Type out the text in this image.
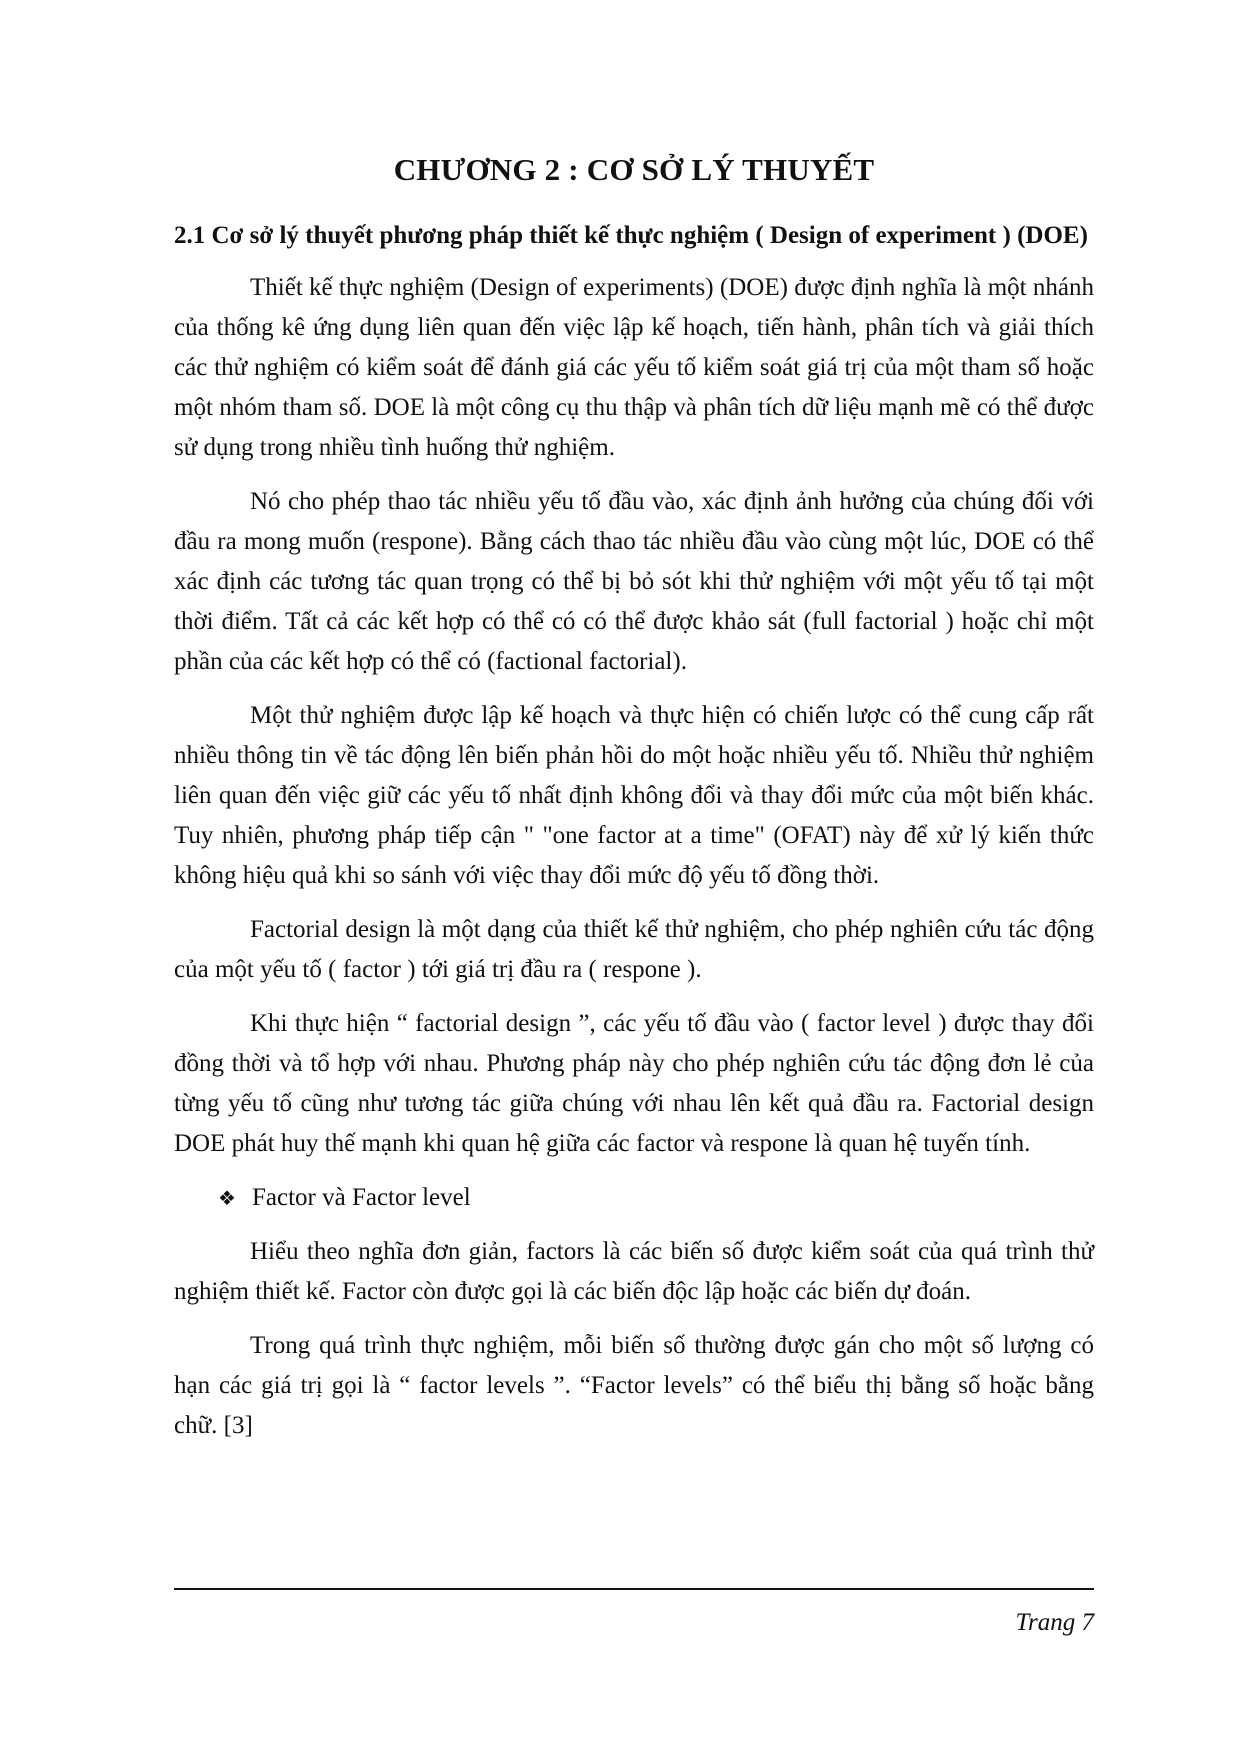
CHƯƠNG 2 : CƠ SỞ LÝ THUYẾT
2.1 Cơ sở lý thuyết phương pháp thiết kế thực nghiệm ( Design of experiment ) (DOE)

Thiết kế thực nghiệm (Design of experiments) (DOE) được định nghĩa là một nhánh của thống kê ứng dụng liên quan đến việc lập kế hoạch, tiến hành, phân tích và giải thích các thử nghiệm có kiểm soát để đánh giá các yếu tố kiểm soát giá trị của một tham số hoặc một nhóm tham số. DOE là một công cụ thu thập và phân tích dữ liệu mạnh mẽ có thể được sử dụng trong nhiều tình huống thử nghiệm.

Nó cho phép thao tác nhiều yếu tố đầu vào, xác định ảnh hưởng của chúng đối với đầu ra mong muốn (respone). Bằng cách thao tác nhiều đầu vào cùng một lúc, DOE có thể xác định các tương tác quan trọng có thể bị bỏ sót khi thử nghiệm với một yếu tố tại một thời điểm. Tất cả các kết hợp có thể có có thể được khảo sát (full factorial ) hoặc chỉ một phần của các kết hợp có thể có (factional factorial).

Một thử nghiệm được lập kế hoạch và thực hiện có chiến lược có thể cung cấp rất nhiều thông tin về tác động lên biến phản hồi do một hoặc nhiều yếu tố. Nhiều thử nghiệm liên quan đến việc giữ các yếu tố nhất định không đổi và thay đổi mức của một biến khác. Tuy nhiên, phương pháp tiếp cận " "one factor at a time" (OFAT) này để xử lý kiến thức không hiệu quả khi so sánh với việc thay đổi mức độ yếu tố đồng thời.

Factorial design là một dạng của thiết kế thử nghiệm, cho phép nghiên cứu tác động của một yếu tố ( factor ) tới giá trị đầu ra ( respone ).

Khi thực hiện “ factorial design ”, các yếu tố đầu vào ( factor level ) được thay đổi đồng thời và tổ hợp với nhau. Phương pháp này cho phép nghiên cứu tác động đơn lẻ của từng yếu tố cũng như tương tác giữa chúng với nhau lên kết quả đầu ra. Factorial design DOE phát huy thế mạnh khi quan hệ giữa các factor và respone là quan hệ tuyến tính.

❖ Factor và Factor level

Hiểu theo nghĩa đơn giản, factors là các biến số được kiểm soát của quá trình thử nghiệm thiết kế. Factor còn được gọi là các biến độc lập hoặc các biến dự đoán.

Trong quá trình thực nghiệm, mỗi biến số thường được gán cho một số lượng có hạn các giá trị gọi là “ factor levels ”. “Factor levels” có thể biểu thị bằng số hoặc bằng chữ. [3]

Trang 7
